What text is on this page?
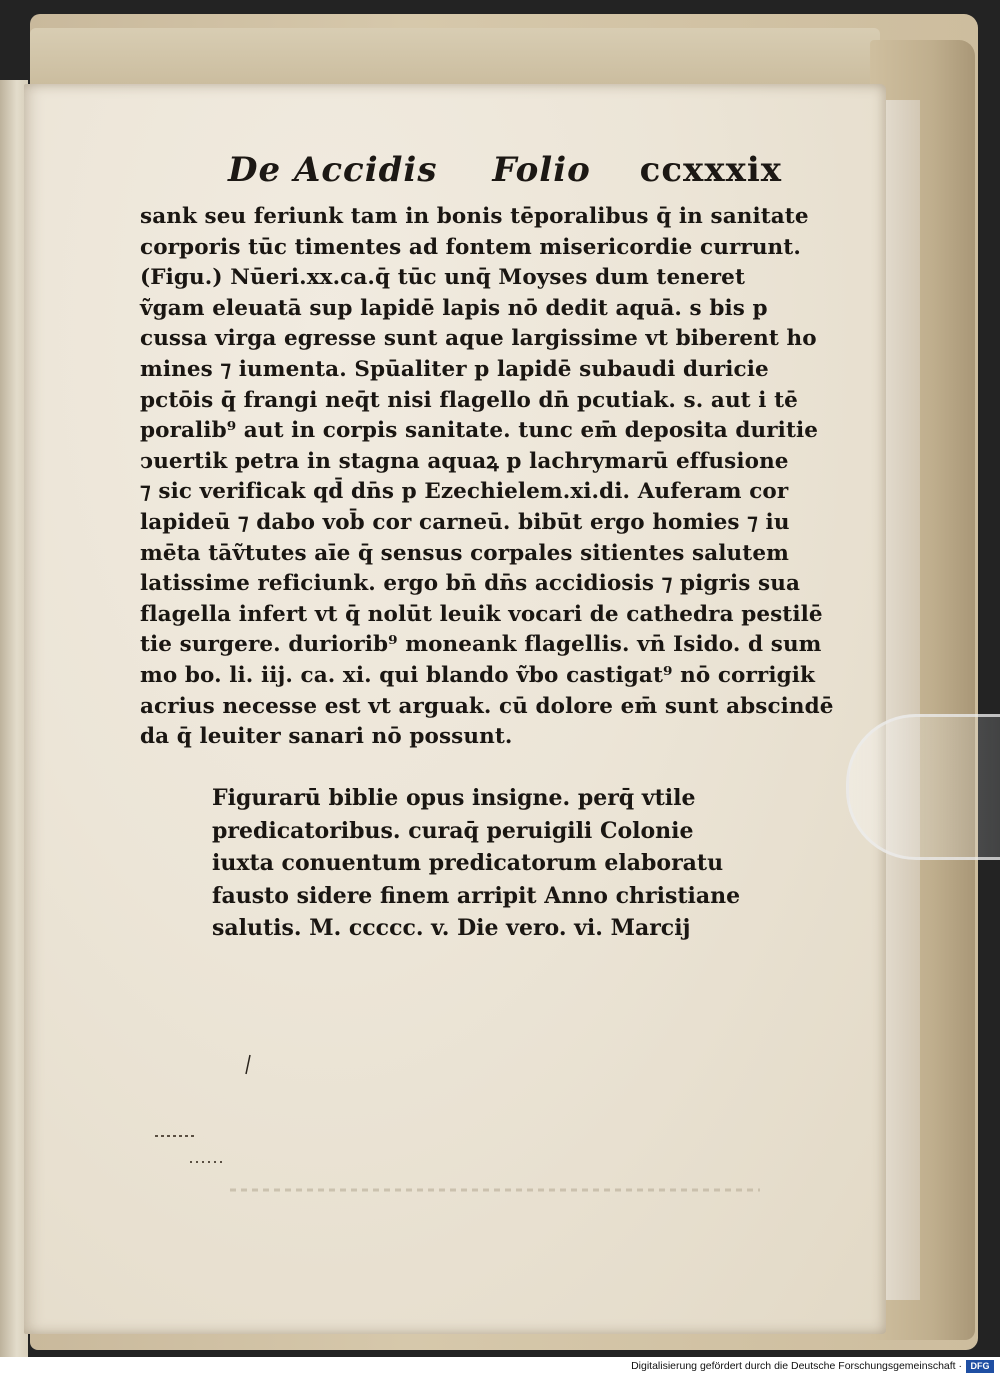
De Accidis Folio ccxxxix
sank seu feriunk tam in bonis tēporalibus q̄ in sanitate
corporis tūc timentes ad fontem misericordie currunt.
(Figu.) Nūeri.xx.ca.q̄ tūc unq̄ Moyses dum teneret
ṽgam eleuatā sup lapidē lapis nō dedit aquā. s bis p
cussa virga egresse sunt aque largissime vt biberent ho
mines ⁊ iumenta. Spūaliter p lapidē subaudi duricie
pctōis q̄ frangi neq̄t nisi flagello dn̄ pcutiak. s. aut i tē
poralib⁹ aut in corpis sanitate. tunc em̄ deposita duritie
ↄuertik petra in stagna aquaꝝ p lachrymarū effusione
⁊ sic verificak qd̄ dn̄s p Ezechielem.xi.di. Auferam cor
lapideū ⁊ dabo vob̄ cor carneū. bibūt ergo homies ⁊ iu
mēta tāṽtutes aīe q̄ sensus corpales sitientes salutem
latissime reficiunk. ergo bn̄ dn̄s accidiosis ⁊ pigris sua
flagella infert vt q̄ nolūt leuik vocari de cathedra pestilē
tie surgere. duriorib⁹ moneank flagellis. vn̄ Isido. d sum
mo bo. li. iij. ca. xi. qui blando ṽbo castigat⁹ nō corrigik
acrius necesse est vt arguak. cū dolore em̄ sunt abscindē
da q̄ leuiter sanari nō possunt.
Figurarū biblie opus insigne. perq̄ vtile
predicatoribus. curaq̄ peruigili Colonie
iuxta conuentum predicatorum elaboratu
fausto sidere finem arripit Anno christiane
salutis. M. ccccc. v. Die vero. vi. Marcij
Digitalisierung gefördert durch die Deutsche Forschungsgemeinschaft · DFG
